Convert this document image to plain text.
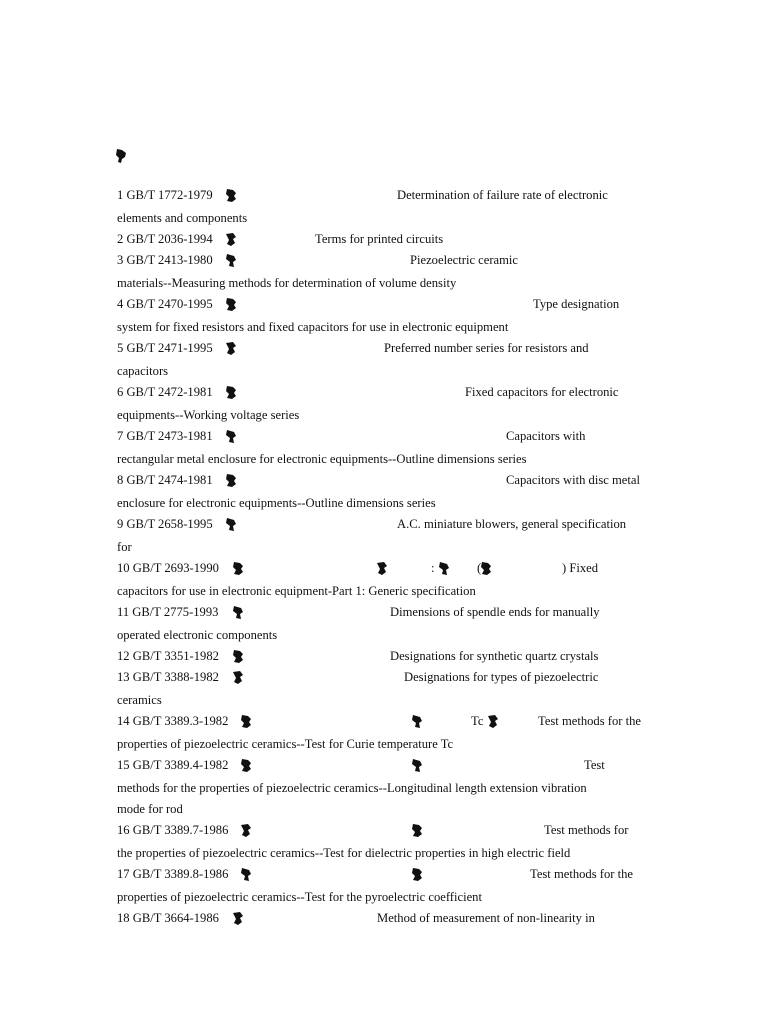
1 GB/T 1772-1979	Determination of failure rate of electronic
elements and components
2 GB/T 2036-1994	Terms for printed circuits
3 GB/T 2413-1980	Piezoelectric ceramic
materials--Measuring methods for determination of volume density
4 GB/T 2470-1995	Type designation
system for fixed resistors and fixed capacitors for use in electronic equipment
5 GB/T 2471-1995	Preferred number series for resistors and
capacitors
6 GB/T 2472-1981	Fixed capacitors for electronic
equipments--Working voltage series
7 GB/T 2473-1981	Capacitors with
rectangular metal enclosure for electronic equipments--Outline dimensions series
8 GB/T 2474-1981	Capacitors with disc metal
enclosure for electronic equipments--Outline dimensions series
9 GB/T 2658-1995	A.C. miniature blowers, general specification
for
10 GB/T 2693-1990	:	(	) Fixed
capacitors for use in electronic equipment-Part 1: Generic specification
11 GB/T 2775-1993	Dimensions of spendle ends for manually
operated electronic components
12 GB/T 3351-1982	Designations for synthetic quartz crystals
13 GB/T 3388-1982	Designations for types of piezoelectric
ceramics
14 GB/T 3389.3-1982	Tc	Test methods for the
properties of piezoelectric ceramics--Test for Curie temperature Tc
15 GB/T 3389.4-1982	Test
methods for the properties of piezoelectric ceramics--Longitudinal length extension vibration
mode for rod
16 GB/T 3389.7-1986	Test methods for
the properties of piezoelectric ceramics--Test for dielectric properties in high electric field
17 GB/T 3389.8-1986	Test methods for the
properties of piezoelectric ceramics--Test for the pyroelectric coefficient
18 GB/T 3664-1986	Method of measurement of non-linearity in
